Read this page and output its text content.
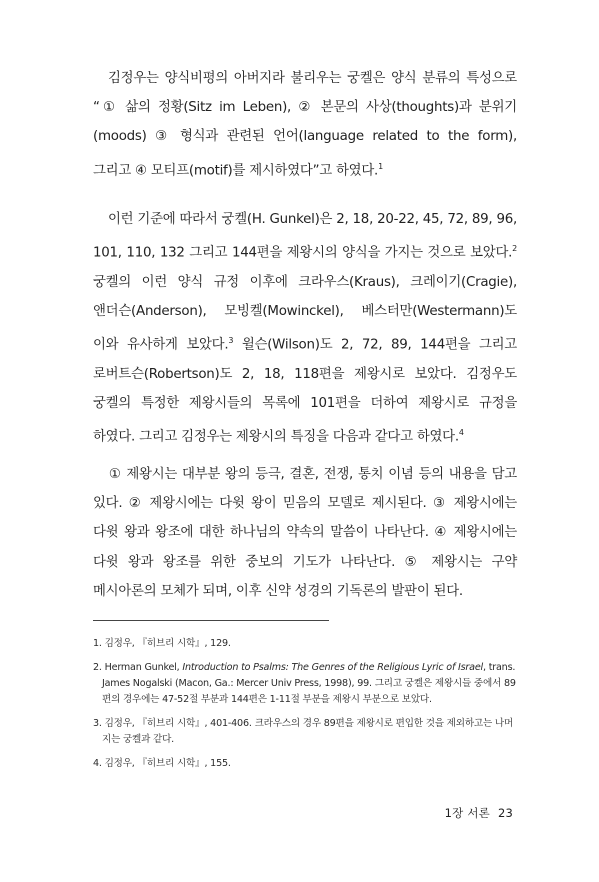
김정우는 양식비평의 아버지라 불리우는 궁켈은 양식 분류의 특성으로 “① 삶의 정황(Sitz im Leben), ② 본문의 사상(thoughts)과 분위기(moods) ③ 형식과 관련된 언어(language related to the form), 그리고 ④ 모티프(motif)를 제시하였다”고 하였다.$^1$
이런 기준에 따라서 궁켈(H. Gunkel)은 2, 18, 20-22, 45, 72, 89, 96, 101, 110, 132 그리고 144편을 제왕시의 양식을 가지는 것으로 보았다.$^2$ 궁켈의 이런 양식 규정 이후에 크라우스(Kraus), 크레이기(Cragie), 앤더슨(Anderson), 모빙켈(Mowinckel), 베스터만(Westermann)도 이와 유사하게 보았다.$^3$ 윌슨(Wilson)도 2, 72, 89, 144편을 그리고 로버트슨(Robertson)도 2, 18, 118편을 제왕시로 보았다. 김정우도 궁켈의 특정한 제왕시들의 목록에 101편을 더하여 제왕시로 규정을 하였다. 그리고 김정우는 제왕시의 특징을 다음과 같다고 하였다.$^4$
① 제왕시는 대부분 왕의 등극, 결혼, 전쟁, 통치 이념 등의 내용을 담고 있다. ② 제왕시에는 다윗 왕이 믿음의 모델로 제시된다. ③ 제왕시에는 다윗 왕과 왕조에 대한 하나님의 약속의 말씀이 나타난다. ④ 제왕시에는 다윗 왕과 왕조를 위한 중보의 기도가 나타난다. ⑤ 제왕시는 구약 메시아론의 모체가 되며, 이후 신약 성경의 기독론의 발판이 된다.
1. 김정우, 『히브리 시학』, 129.
2. Herman Gunkel, Introduction to Psalms: The Genres of the Religious Lyric of Israel, trans. James Nogalski (Macon, Ga.: Mercer Univ Press, 1998), 99. 그리고 궁켈은 제왕시들 중에서 89편의 경우에는 47-52절 부분과 144편은 1-11절 부분을 제왕시 부분으로 보았다.
3. 김정우, 『히브리 시학』, 401-406. 크라우스의 경우 89편을 제왕시로 편입한 것을 제외하고는 나머지는 궁켈과 같다.
4. 김정우, 『히브리 시학』, 155.
1장 서론 23
